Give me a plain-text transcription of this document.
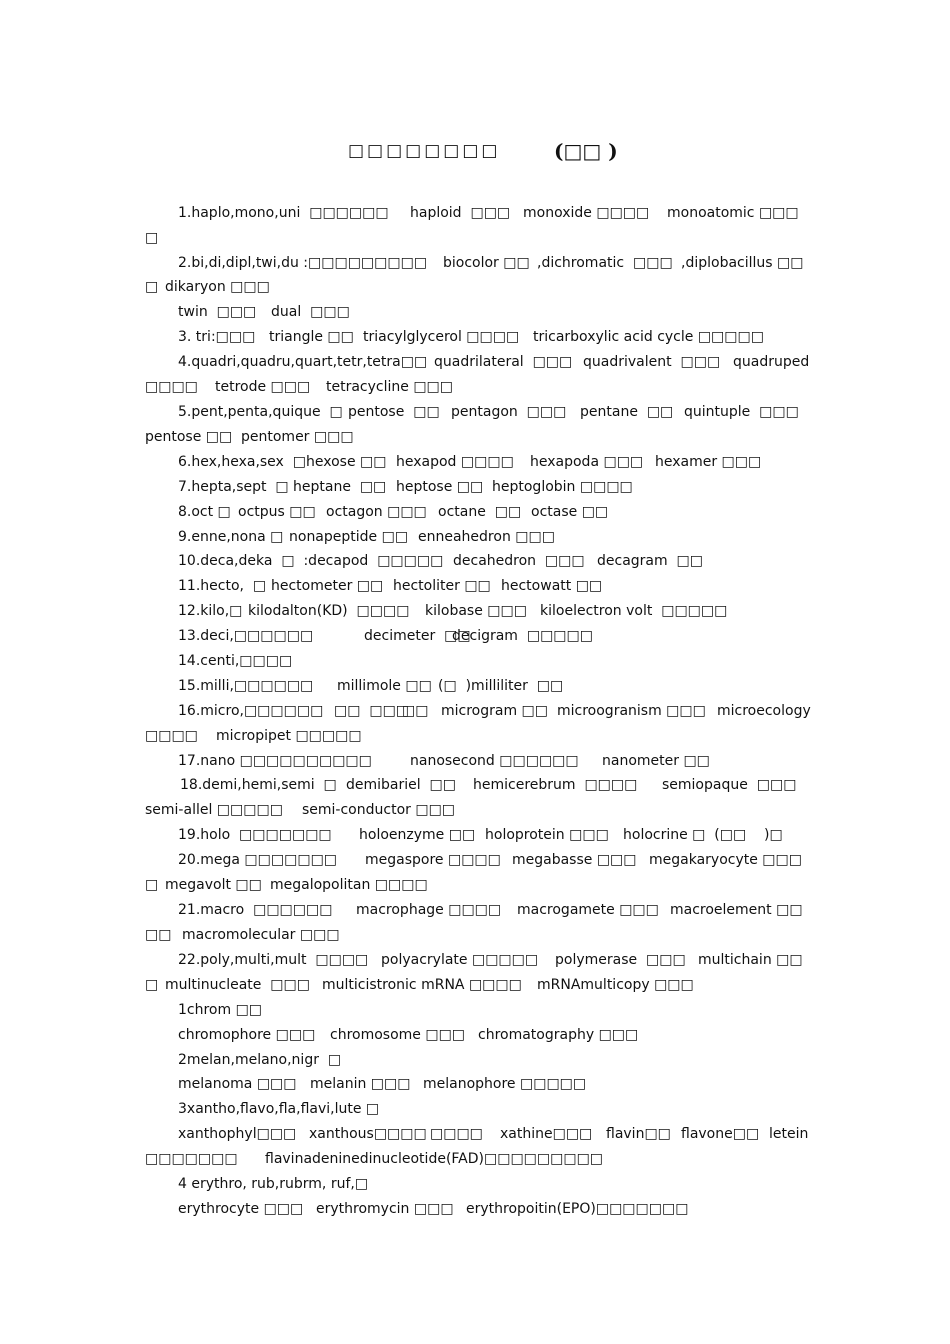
□□□□□□□□	(□□ )
1.haplo,mono,uni  □□□□□□ haploid  □□□ monoxide □□□□ monoatomic □□□
□
2.bi,di,dipl,twi,du :□□□□□□□□□ biocolor □□ ,dichromatic  □□□ ,diplobacillus □□
□ dikaryon □□□
twin  □□□ dual  □□□
3. tri:□□□ triangle □□ triacylglycerol □□□□ tricarboxylic acid cycle □□□□□
4.quadri,quadru,quart,tetr,tetra□□ quadrilateral  □□□ quadrivalent  □□□ quadruped
□□□□ tetrode □□□ tetracycline □□□
5.pent,penta,quique  □ pentose  □□ pentagon  □□□ pentane  □□ quintuple  □□□
pentose □□ pentomer □□□
6.hex,hexa,sex  □ hexose □□ hexapod □□□□ hexapoda □□□ hexamer □□□
7.hepta,sept  □ heptane  □□ heptose □□ heptoglobin □□□□
8.oct □ octpus □□ octagon □□□ octane  □□ octase □□
9.enne,nona □ nonapeptide □□ enneahedron □□□
10.deca,deka  □  :decapod  □□□□□ decahedron  □□□ decagram  □□
11.hecto,  □ hectometer □□ hectoliter □□ hectowatt □□
12.kilo,□ kilodalton(KD)  □□□□ kilobase □□□ kiloelectron volt  □□□□□
13.deci,□□□□□□	decimeter  □□
decigram  □□□□□
14.centi,□□□□
15.milli,□□□□□□ millimole □□ (□  )milliliter  □□
16.micro,□□□□□□ □□  □□□
□□ microgram □□ microogranism □□□ microecology
□□□□ micropipet □□□□□
17.nano □□□□□□□□□□	nanosecond □□□□□□ nanometer □□
18.demi,hemi,semi  □ demibariel  □□ hemicerebrum  □□□□ semiopaque  □□□
semi-allel □□□□□ semi-conductor □□□
19.holo  □□□□□□□ holoenzyme □□ holoprotein □□□ holocrine □  (□□    )□
20.mega □□□□□□□ megaspore □□□□ megabasse □□□ megakaryocyte □□□
□ megavolt □□ megalopolitan □□□□
21.macro  □□□□□□ macrophage □□□□ macrogamete □□□ macroelement □□
□□ macromolecular □□□
22.poly,multi,mult  □□□□ polyacrylate □□□□□ polymerase  □□□ multichain □□
□ multinucleate  □□□ multicistronic mRNA □□□□ mRNAmulticopy □□□
1chrom □□
chromophore □□□ chromosome □□□ chromatography □□□
2melan,melano,nigr  □
melanoma □□□ melanin □□□ melanophore □□□□□
3xantho,flavo,fla,flavi,lute □
xanthophyl□□□ xanthous□□□□ □□□□ xathine□□□ flavin□□ flavone□□ letein
□□□□□□□ flavinadeninedinucleotide(FAD)□□□□□□□□□
4 erythro, rub,rubrm, ruf,□
erythrocyte □□□ erythromycin □□□ erythropoitin(EPO)□□□□□□□
